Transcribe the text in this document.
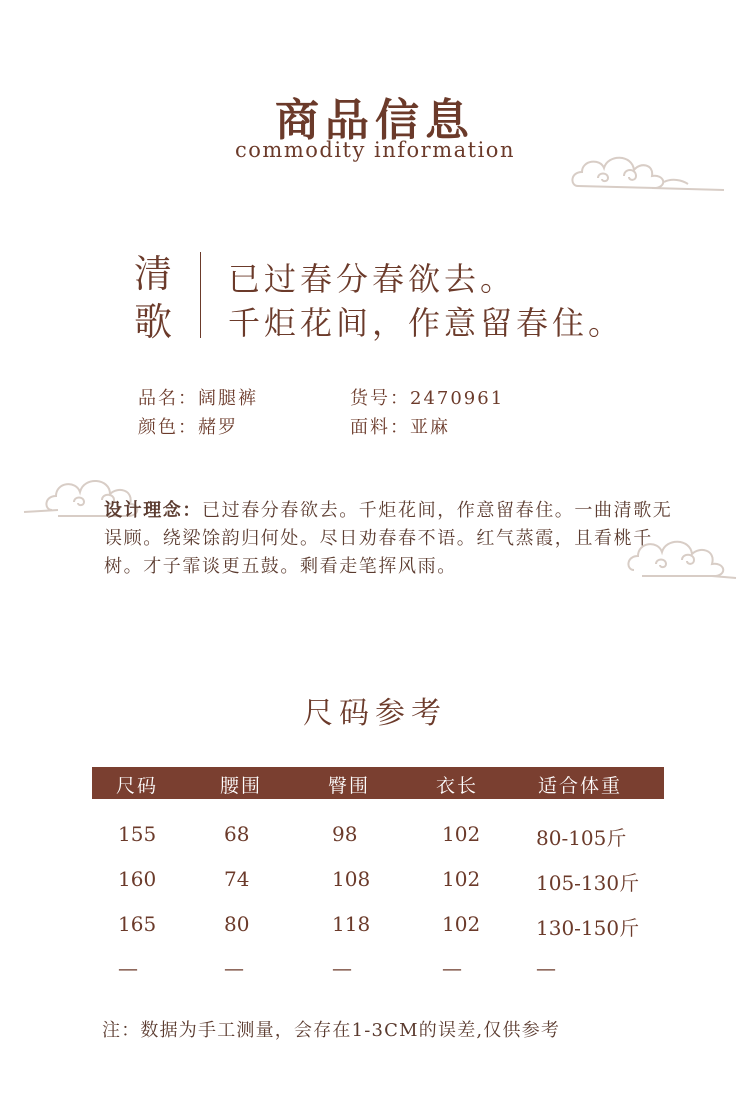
商品信息
commodity information
清
歌
已过春分春欲去。
千炬花间，作意留春住。
品名：阔腿裤	货号：2470961
颜色：赭罗	面料：亚麻
设计理念：已过春分春欲去。千炬花间，作意留春住。一曲清歌无误顾。绕梁馀韵归何处。尽日劝春春不语。红气蒸霞，且看桃千树。才子霏谈更五鼓。剩看走笔挥风雨。
尺码参考
尺码	腰围	臀围	衣长	适合体重
155	68	98	102	80-105斤
160	74	108	102	105-130斤
165	80	118	102	130-150斤
—	—	—	—	—
注：数据为手工测量，会存在1-3CM的误差,仅供参考
